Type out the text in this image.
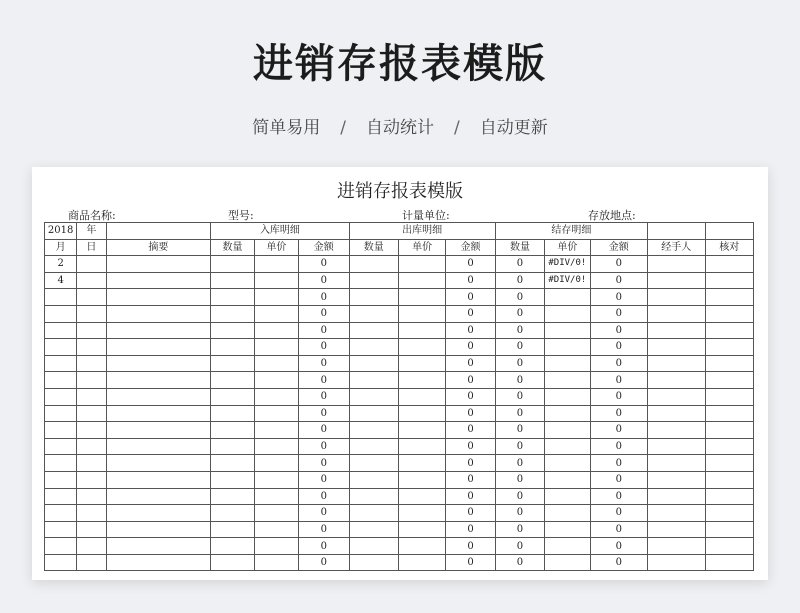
进销存报表模版
简单易用 / 自动统计 / 自动更新
进销存报表模版
商品名称:	型号:	计量单位:	存放地点:
2018	年		入库明细			出库明细			结存明细				
月	日	摘要	数量	单价	金额	数量	单价	金额	数量	单价	金额	经手人	核对
2					0			0	0	#DIV/0!	0		
4					0			0	0	#DIV/0!	0		
					0			0	0		0		
					0			0	0		0		
					0			0	0		0		
					0			0	0		0		
					0			0	0		0		
					0			0	0		0		
					0			0	0		0		
					0			0	0		0		
					0			0	0		0		
					0			0	0		0		
					0			0	0		0		
					0			0	0		0		
					0			0	0		0		
					0			0	0		0		
					0			0	0		0		
					0			0	0		0		
					0			0	0		0		
